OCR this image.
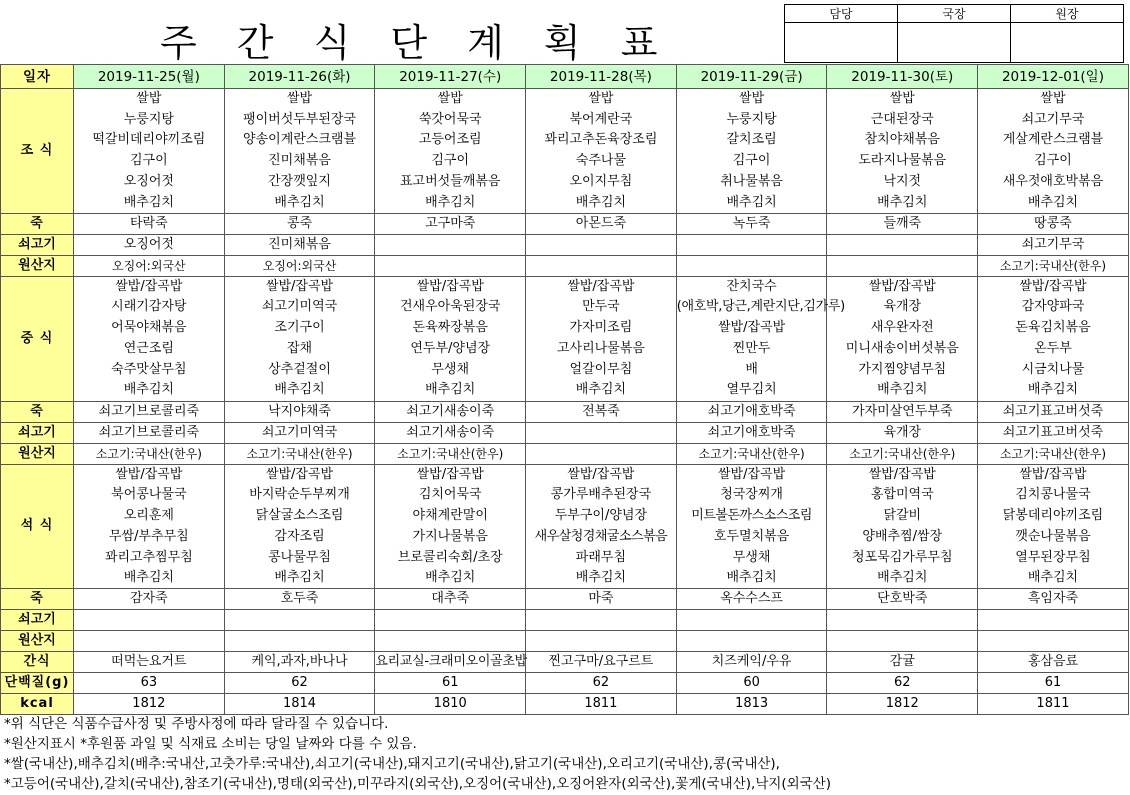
주 간 식 단 계 획 표
담당	국장	원장

일자	2019-11-25(월)	2019-11-26(화)	2019-11-27(수)	2019-11-28(목)	2019-11-29(금)	2019-11-30(토)	2019-12-01(일)
조 식	쌀밥	쌀밥	쌀밥	쌀밥	쌀밥	쌀밥	쌀밥
	누룽지탕	팽이버섯두부된장국	쑥갓어묵국	북어계란국	누룽지탕	근대된장국	쇠고기무국
	떡갈비데리야끼조림	양송이계란스크램블	고등어조림	꽈리고추돈육장조림	갈치조림	참치야채볶음	게살계란스크램블
	김구이	진미채볶음	김구이	숙주나물	김구이	도라지나물볶음	김구이
	오징어젓	간장깻잎지	표고버섯들깨볶음	오이지무침	취나물볶음	낙지젓	새우젓애호박볶음
	배추김치	배추김치	배추김치	배추김치	배추김치	배추김치	배추김치
죽	타락죽	콩죽	고구마죽	아몬드죽	녹두죽	들깨죽	땅콩죽
쇠고기	오징어젓	진미채볶음					쇠고기무국
원산지	오징어:외국산	오징어:외국산					소고기:국내산(한우)
중 식	쌀밥/잡곡밥	쌀밥/잡곡밥	쌀밥/잡곡밥	쌀밥/잡곡밥	잔치국수	쌀밥/잡곡밥	쌀밥/잡곡밥
	시래기감자탕	쇠고기미역국	건새우아욱된장국	만두국	(애호박,당근,계란지단,김가루)	육개장	감자양파국
	어묵야채볶음	조기구이	돈육짜장볶음	가자미조림	쌀밥/잡곡밥	새우완자전	돈육김치볶음
	연근조림	잡채	연두부/양념장	고사리나물볶음	찐만두	미니새송이버섯볶음	온두부
	숙주맛살무침	상추겉절이	무생채	얼갈이무침	배	가지찜양념무침	시금치나물
	배추김치	배추김치	배추김치	배추김치	열무김치	배추김치	배추김치
죽	쇠고기브로콜리죽	낙지야채죽	쇠고기새송이죽	전복죽	쇠고기애호박죽	가자미살연두부죽	쇠고기표고버섯죽
쇠고기	쇠고기브로콜리죽	쇠고기미역국	쇠고기새송이죽		쇠고기애호박죽	육개장	쇠고기표고버섯죽
원산지	소고기:국내산(한우)	소고기:국내산(한우)	소고기:국내산(한우)		소고기:국내산(한우)	소고기:국내산(한우)	소고기:국내산(한우)
석 식	쌀밥/잡곡밥	쌀밥/잡곡밥	쌀밥/잡곡밥	쌀밥/잡곡밥	쌀밥/잡곡밥	쌀밥/잡곡밥	쌀밥/잡곡밥
	북어콩나물국	바지락순두부찌개	김치어묵국	콩가루배추된장국	청국장찌개	홍합미역국	김치콩나물국
	오리훈제	닭살굴소스조림	야채계란말이	두부구이/양념장	미트볼돈까스소스조림	닭갈비	닭봉데리야끼조림
	무쌈/부추무침	감자조림	가지나물볶음	새우살청경채굴소스볶음	호두멸치볶음	양배추찜/쌈장	깻순나물볶음
	꽈리고추찜무침	콩나물무침	브로콜리숙회/초장	파래무침	무생채	청포묵김가루무침	열무된장무침
	배추김치	배추김치	배추김치	배추김치	배추김치	배추김치	배추김치
죽	감자죽	호두죽	대추죽	마죽	옥수수스프	단호박죽	흑임자죽
쇠고기							
원산지							
간식	떠먹는요거트	케익,과자,바나나	요리교실-크래미오이골초밥	찐고구마/요구르트	치즈케익/우유	감귤	홍삼음료
단백질(g)	63	62	61	62	60	62	61
kcal	1812	1814	1810	1811	1813	1812	1811
*위 식단은 식품수급사정 및 주방사정에 따라 달라질 수 있습니다.
*원산지표시 *후원품 과일 및 식재료 소비는 당일 날짜와 다를 수 있음.
*쌀(국내산),배추김치(배추:국내산,고춧가루:국내산),쇠고기(국내산),돼지고기(국내산),닭고기(국내산),오리고기(국내산),콩(국내산),
*고등어(국내산),갈치(국내산),참조기(국내산),명태(외국산),미꾸라지(외국산),오징어(국내산),오징어완자(외국산),꽃게(국내산),낙지(외국산)
